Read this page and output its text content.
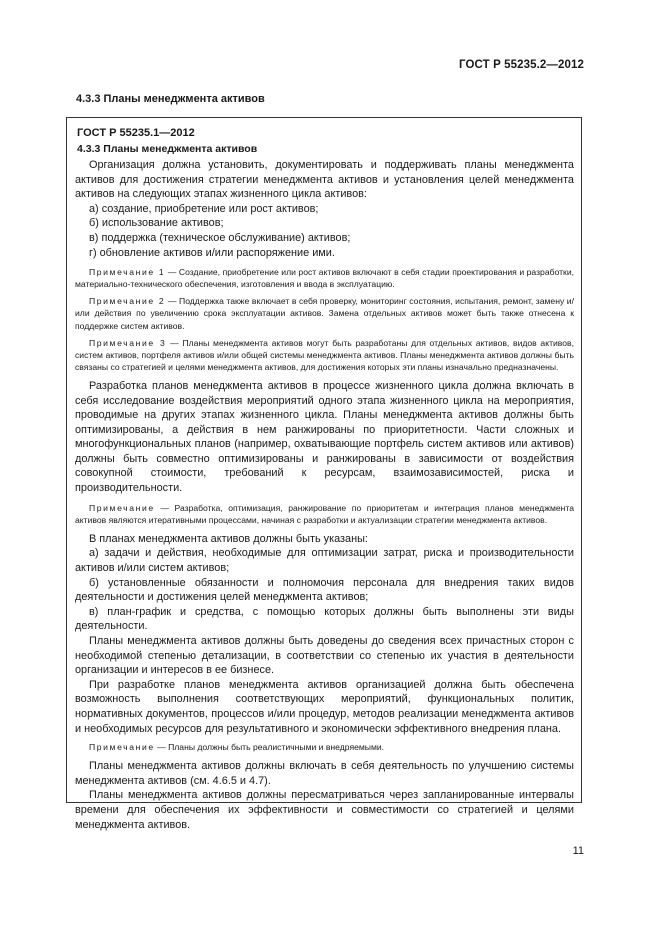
ГОСТ Р 55235.2—2012
4.3.3 Планы менеджмента активов
ГОСТ Р 55235.1—2012
4.3.3 Планы менеджмента активов

Организация должна установить, документировать и поддерживать планы менеджмента активов для достижения стратегии менеджмента активов и установления целей менеджмента активов на следующих этапах жизненного цикла активов:

а) создание, приобретение или рост активов;

б) использование активов;

в) поддержка (техническое обслуживание) активов;

г) обновление активов и/или распоряжение ими.

Примечание 1 — Создание, приобретение или рост активов включают в себя стадии проектирования и разработки, материально-технического обеспечения, изготовления и ввода в эксплуатацию.

Примечание 2 — Поддержка также включает в себя проверку, мониторинг состояния, испытания, ремонт, замену и/или действия по увеличению срока эксплуатации активов. Замена отдельных активов может быть также отнесена к поддержке систем активов.

Примечание 3 — Планы менеджмента активов могут быть разработаны для отдельных активов, видов активов, систем активов, портфеля активов и/или общей системы менеджмента активов. Планы менеджмента активов должны быть связаны со стратегией и целями менеджмента активов, для достижения которых эти планы изначально предназначены.

Разработка планов менеджмента активов в процессе жизненного цикла должна включать в себя исследование воздействия мероприятий одного этапа жизненного цикла на мероприятия, проводимые на других этапах жизненного цикла. Планы менеджмента активов должны быть оптимизированы, а действия в нем ранжированы по приоритетности. Части сложных и многофункциональных планов (например, охватывающие портфель систем активов или активов) должны быть совместно оптимизированы и ранжированы в зависимости от воздействия совокупной стоимости, требований к ресурсам, взаимозависимостей, риска и производительности.

Примечание — Разработка, оптимизация, ранжирование по приоритетам и интеграция планов менеджмента активов являются итеративными процессами, начиная с разработки и актуализации стратегии менеджмента активов.

В планах менеджмента активов должны быть указаны:

а) задачи и действия, необходимые для оптимизации затрат, риска и производительности активов и/или систем активов;

б) установленные обязанности и полномочия персонала для внедрения таких видов деятельности и достижения целей менеджмента активов;

в) план-график и средства, с помощью которых должны быть выполнены эти виды деятельности.

Планы менеджмента активов должны быть доведены до сведения всех причастных сторон с необходимой степенью детализации, в соответствии со степенью их участия в деятельности организации и интересов в ее бизнесе.

При разработке планов менеджмента активов организацией должна быть обеспечена возможность выполнения соответствующих мероприятий, функциональных политик, нормативных документов, процессов и/или процедур, методов реализации менеджмента активов и необходимых ресурсов для результативного и экономически эффективного внедрения плана.

Примечание — Планы должны быть реалистичными и внедряемыми.

Планы менеджмента активов должны включать в себя деятельность по улучшению системы менеджмента активов (см. 4.6.5 и 4.7).

Планы менеджмента активов должны пересматриваться через запланированные интервалы времени для обеспечения их эффективности и совместимости со стратегией и целями менеджмента активов.

11
